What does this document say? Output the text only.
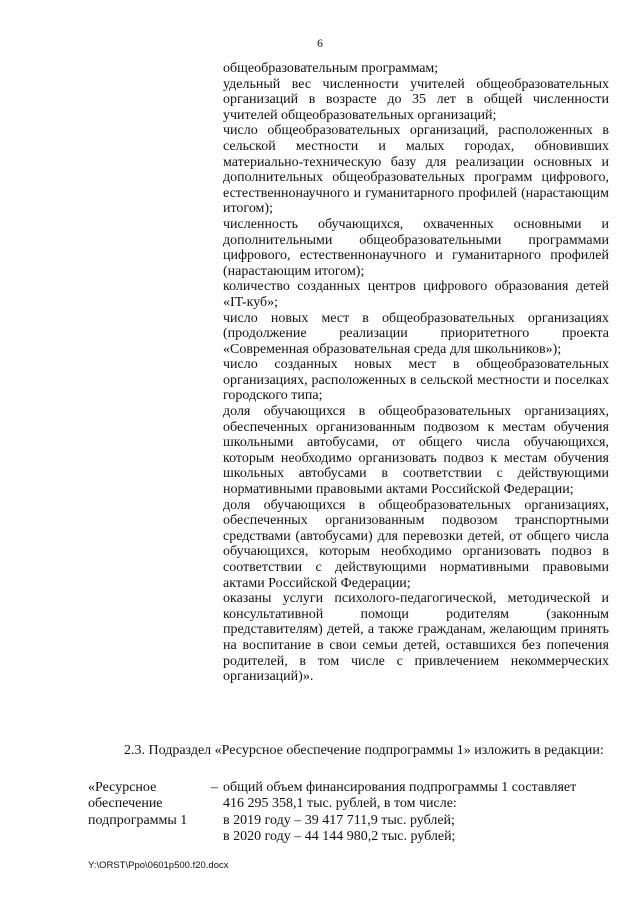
6
общеобразовательным программам;
удельный вес численности учителей общеобразовательных организаций в возрасте до 35 лет в общей численности учителей общеобразовательных организаций;
число общеобразовательных организаций, расположенных в сельской местности и малых городах, обновивших материально-техническую базу для реализации основных и дополнительных общеобразовательных программ цифрового, естественнонаучного и гуманитарного профилей (нарастающим итогом);
численность обучающихся, охваченных основными и дополнительными общеобразовательными программами цифрового, естественнонаучного и гуманитарного профилей (нарастающим итогом);
количество созданных центров цифрового образования детей «IT-куб»;
число новых мест в общеобразовательных организациях (продолжение реализации приоритетного проекта «Современная образовательная среда для школьников»);
число созданных новых мест в общеобразовательных организациях, расположенных в сельской местности и поселках городского типа;
доля обучающихся в общеобразовательных организациях, обеспеченных организованным подвозом к местам обучения школьными автобусами, от общего числа обучающихся, которым необходимо организовать подвоз к местам обучения школьных автобусами в соответствии с действующими нормативными правовыми актами Российской Федерации;
доля обучающихся в общеобразовательных организациях, обеспеченных организованным подвозом транспортными средствами (автобусами) для перевозки детей, от общего числа обучающихся, которым необходимо организовать подвоз в соответствии с действующими нормативными правовыми актами Российской Федерации;
оказаны услуги психолого-педагогической, методической и консультативной помощи родителям (законным представителям) детей, а также гражданам, желающим принять на воспитание в свои семьи детей, оставшихся без попечения родителей, в том числе с привлечением некоммерческих организаций)».
2.3. Подраздел «Ресурсное обеспечение подпрограммы 1» изложить в редакции:
«Ресурсное обеспечение подпрограммы 1
– общий объем финансирования подпрограммы 1 составляет
416 295 358,1 тыс. рублей, в том числе:
в 2019 году – 39 417 711,9 тыс. рублей;
в 2020 году – 44 144 980,2 тыс. рублей;
Y:\ORST\Ppo\0601p500.f20.docx
